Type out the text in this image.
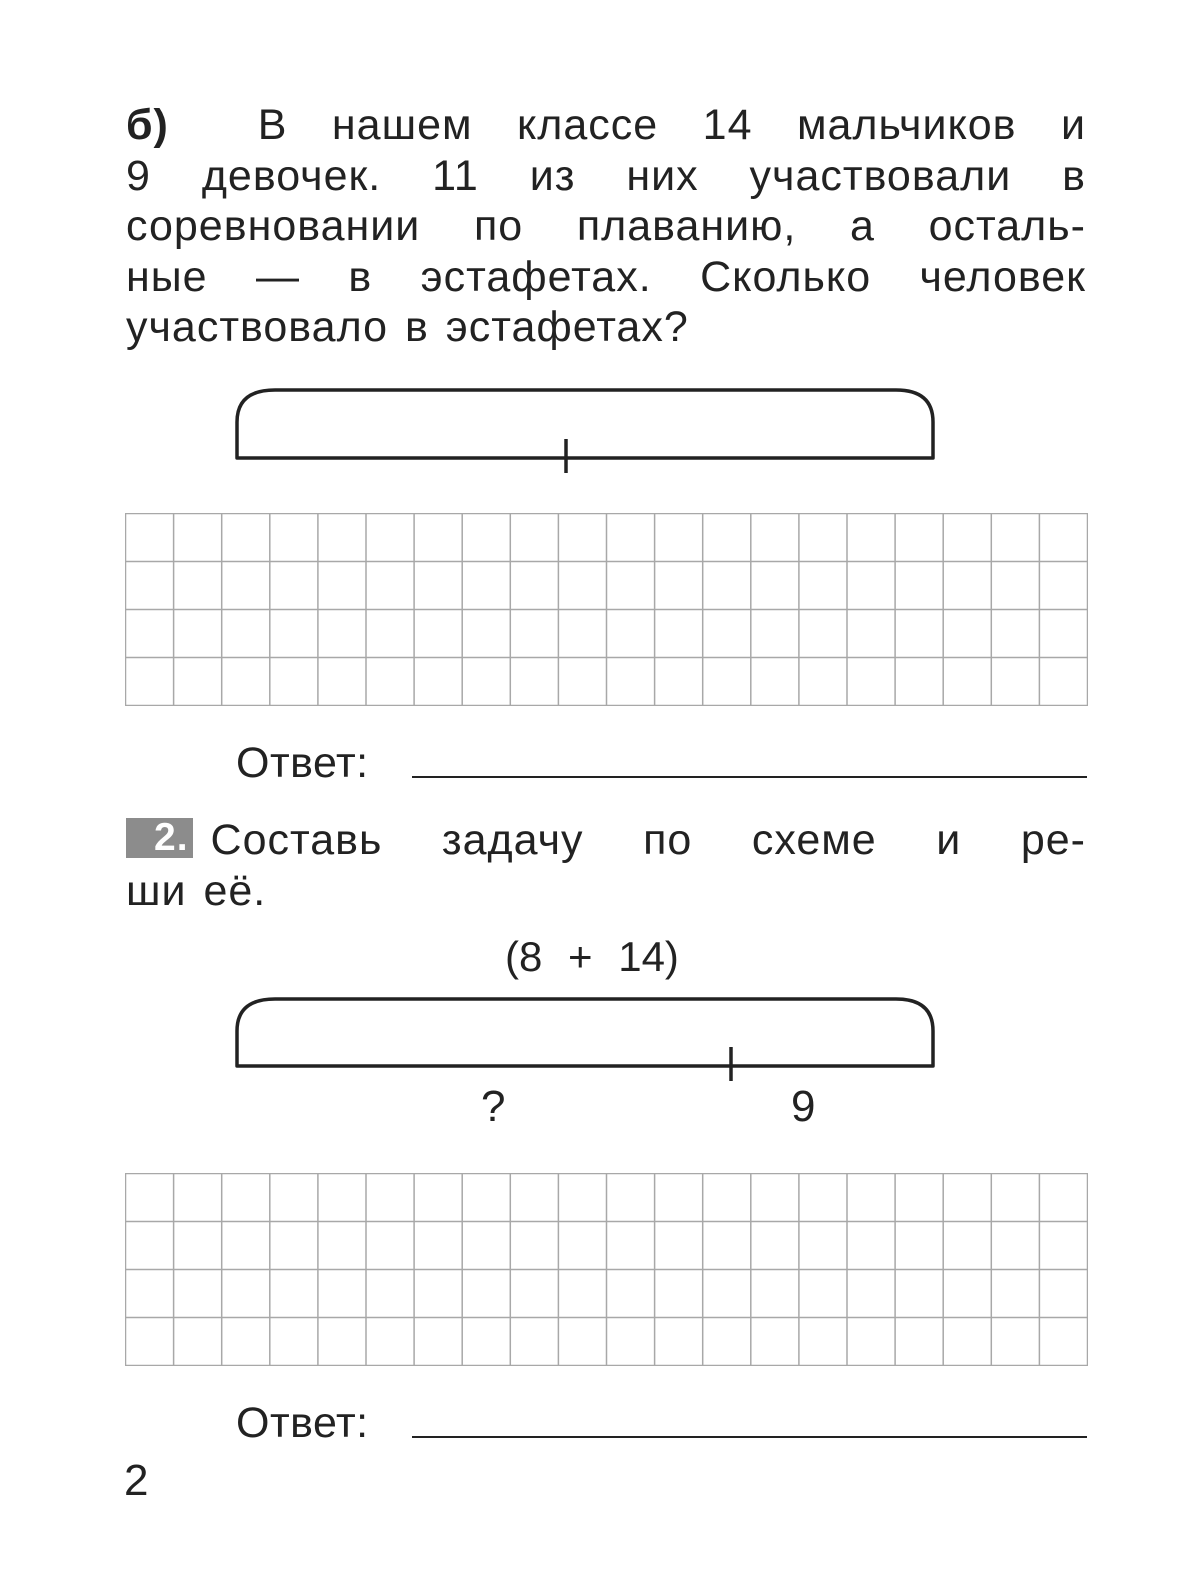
б) В нашем классе 14 мальчиков и
9 девочек. 11 из них участвовали в
соревновании по плаванию, а осталь-
ные — в эстафетах. Сколько человек
участвовало в эстафетах?
Ответ:
2. Составь задачу по схеме и ре-
ши её.
(8 + 14)
?	9
Ответ:
2
